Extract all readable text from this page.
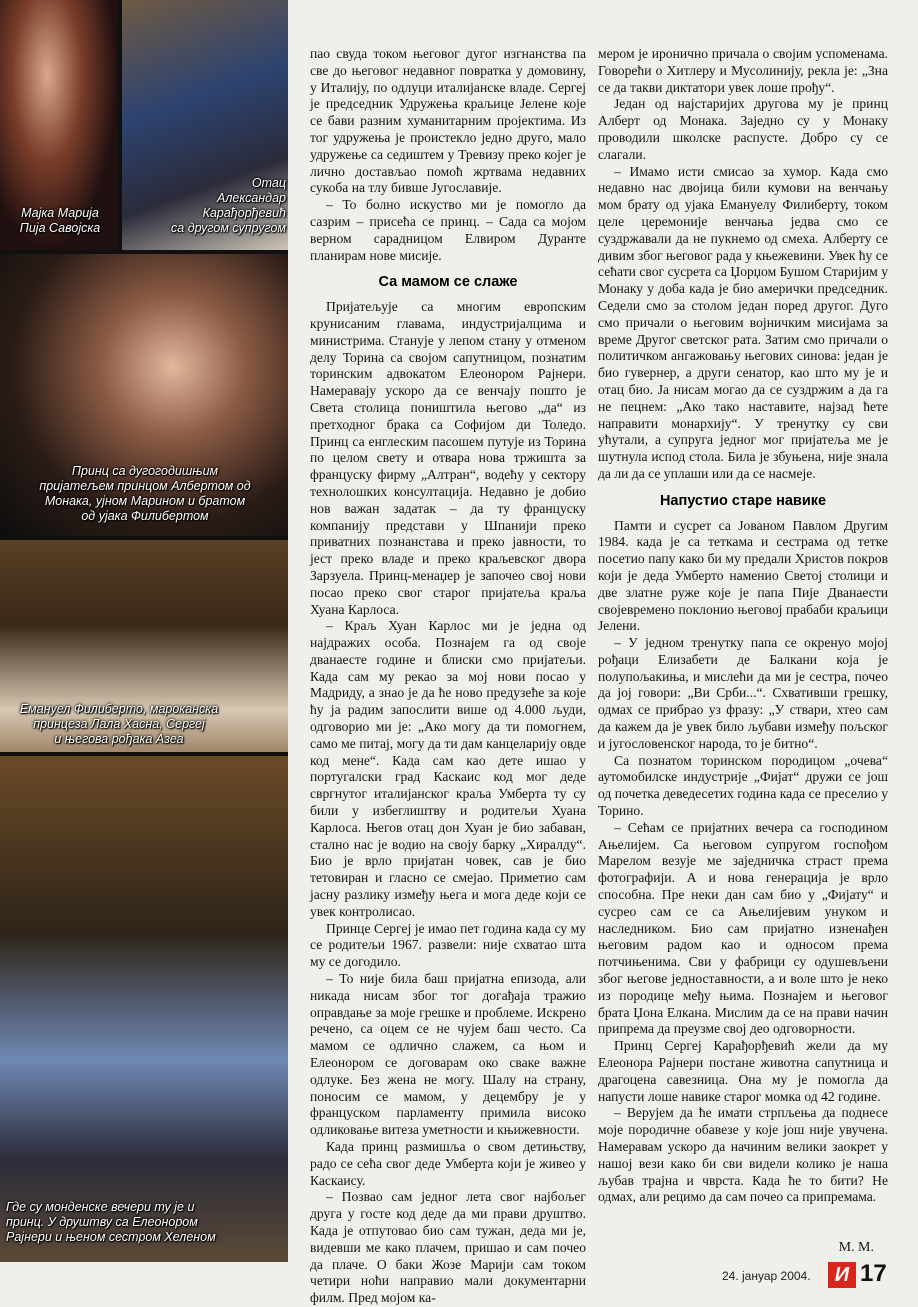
Мајка Марија
Пија Савојска
Отац
Александар
Карађорђевић
са другом супругом
Принц са дугогодишњим
пријатељем принцом Албертом од
Монака, ујном Марином и братом
од ујака Филибертом
Емануел Филиберто, мароканска
принцеза Лала Хасна, Сергеј
и његова рођака Азеа
Где су монденске вечери ту је и
принц. У друштву са Елеонором
Рајнери и њеном сестром Хеленом

пао свуда током његовог дугог изгнанства па све до његовог недавног повратка у домовину, у Италију, по одлуци италијанске владе. Сергеј је председник Удружења краљице Јелене које се бави разним хуманитарним пројектима. Из тог удружења је проистекло једно друго, мало удружење са седиштем у Тревизу преко којег је лично достављао помоћ жртвама недавних сукоба на тлу бивше Југославије.

– То болно искуство ми је помогло да сазрим – присећа се принц. – Сада са мојом верном сарадницом Елвиром Дуранте планирам нове мисије.

Са мамом се слаже

Пријатељује са многим европским крунисаним главама, индустријалцима и министрима. Станује у лепом стану у отменом делу Торина са својом сапутницом, познатим торинским адвокатом Елеонором Рајнери. Намеравају ускоро да се венчају пошто је Света столица поништила његово „да“ из претходног брака са Софијом ди Толедо. Принц са енглеским пасошем путује из Торина по целом свету и отвара нова тржишта за француску фирму „Алтран“, водећу у сектору технолошких консултација. Недавно је добио нов важан задатак – да ту француску компанију представи у Шпанији преко приватних познанстава и преко јавности, то јест преко владе и преко краљевског двора Зарзуела. Принц-менаџер је започео свој нови посао преко свог старог пријатеља краља Хуана Карлоса.

– Краљ Хуан Карлос ми је једна од најдражих особа. Познајем га од своје дванаесте године и блиски смо пријатељи. Када сам му рекао за мој нови посао у Мадриду, а знао је да ће ново предузеће за које ћу ја радим запослити више од 4.000 људи, одговорио ми је: „Ако могу да ти помогнем, само ме питај, могу да ти дам канцеларију овде код мене“. Када сам као дете ишао у португалски град Каскаис код мог деде свргнутог италијанског краља Умберта ту су били у избеглиштву и родитељи Хуана Карлоса. Његов отац дон Хуан је био забаван, стално нас је водио на своју барку „Хиралду“. Био је врло пријатан човек, сав је био тетовиран и гласно се смејао. Приметио сам јасну разлику између њега и мога деде који се увек контролисао.

Принце Сергеј је имао пет година када су му се родитељи 1967. развели: није схватао шта му се догодило.

– То није била баш пријатна епизода, али никада нисам због тог догађаја тражио оправдање за моје грешке и проблеме. Искрено речено, са оцем се не чујем баш често. Са мамом се одлично слажем, са њом и Елеонором се договарам око сваке важне одлуке. Без жена не могу. Шалу на страну, поносим се мамом, у децембру је у француском парламенту примила високо одликовање витеза уметности и књижевности.

Када принц размишља о свом детињству, радо се сећа свог деде Умберта који је живео у Каскаису.

– Позвао сам једног лета свог најбољег друга у госте код деде да ми прави друштво. Када је отпутовао био сам тужан, деда ми је, видевши ме како плачем, пришао и сам почео да плаче. О баки Жозе Марији сам током четири ноћи направио мали документарни филм. Пред мојом ка-

мером је иронично причала о својим успоменама. Говорећи о Хитлеру и Мусолинију, рекла је: „Зна се да такви диктатори увек лоше прођу“.

Један од најстаријих другова му је принц Алберт од Монака. Заједно су у Монаку проводили школске распусте. Добро су се слагали.

– Имамо исти смисао за хумор. Када смо недавно нас двојица били кумови на венчању мом брату од ујака Емануелу Филиберту, током целе церемоније венчања једва смо се суздржавали да не пукнемо од смеха. Алберту се дивим због његовог рада у књежевини. Увек ћу се сећати свог сусрета са Џорџом Бушом Старијим у Монаку у доба када је био амерички председник. Седели смо за столом један поред другог. Дуго смо причали о његовим војничким мисијама за време Другог светског рата. Затим смо причали о политичком ангажовању његових синова: један је био гувернер, а други сенатор, као што му је и отац био. Ја нисам могао да се суздржим а да га не пецнем: „Ако тако наставите, најзад ћете направити монархију“. У тренутку су сви ућутали, а супруга једног мог пријатеља ме је шутнула испод стола. Била је збуњена, није знала да ли да се уплаши или да се насмеје.

Напустио старе навике

Памти и сусрет са Јованом Павлом Другим 1984. када је са теткама и сестрама од тетке посетио папу како би му предали Христов покров који је деда Умберто наменио Светој столици и две златне руже које је папа Пије Дванаести својевремено поклонио његовој прабаби краљици Јелени.

– У једном тренутку папа се окренуо мојој рођаци Елизабети де Балкани која је полупољакиња, и мислећи да ми је сестра, почео да јој говори: „Ви Срби...“. Схвативши грешку, одмах се прибрао уз фразу: „У ствари, хтео сам да кажем да је увек било љубави између пољског и југословенског народа, то је битно“.

Са познатом торинском породицом „очева“ аутомобилске индустрије „Фијат“ дружи се још од почетка деведесетих година када се преселио у Торино.

– Сећам се пријатних вечера са господином Ањелијем. Са његовом супругом госпођом Марелом везује ме заједничка страст према фотографији. А и нова генерација је врло способна. Пре неки дан сам био у „Фијату“ и сусрео сам се са Ањелијевим унуком и наследником. Био сам пријатно изненађен његовим радом као и односом према потчињенима. Сви у фабрици су одушевљени због његове једноставности, а и воле што је неко из породице међу њима. Познајем и његовог брата Џона Елкана. Мислим да се на прави начин припрема да преузме свој део одговорности.

Принц Сергеј Карађорђевић жели да му Елеонора Рајнери постане животна сапутница и драгоцена савезница. Она му је помогла да напусти лоше навике старог момка од 42 године.

– Верујем да ће имати стрпљења да поднесе моје породичне обавезе у које још није увучена. Намеравам ускоро да начиним велики заокрет у нашој вези како би сви видели колико је наша љубав трајна и чврста. Када ће то бити? Не одмах, али рецимо да сам почео са припремама.

М. М.
24. јануар 2004.	И 17
